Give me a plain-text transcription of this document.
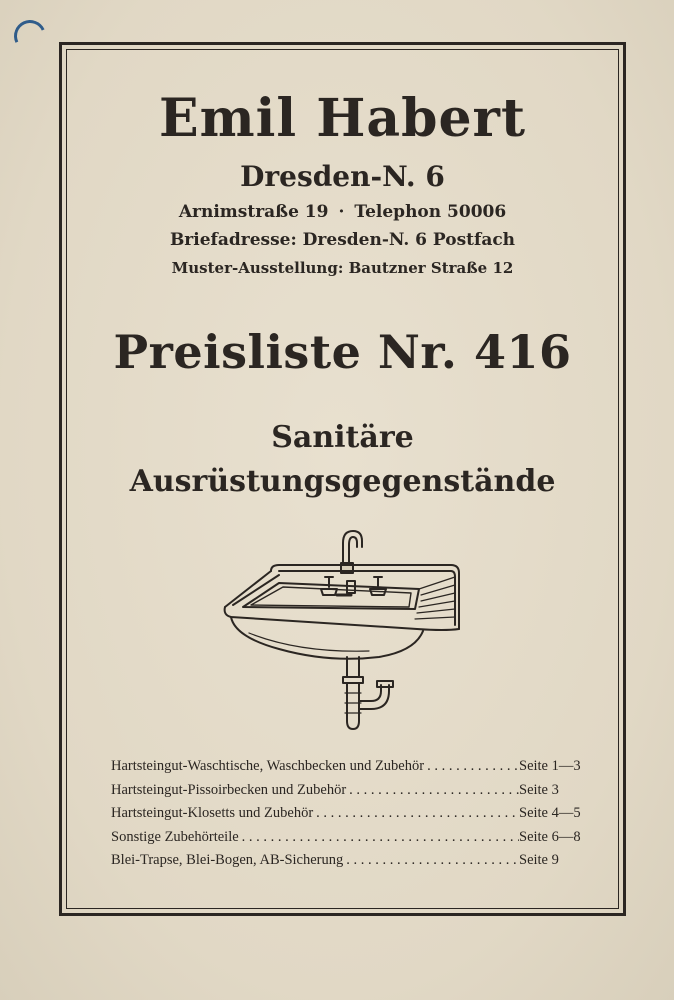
Emil Habert
Dresden-N. 6
Arnimstraße 19 · Telephon 50006
Briefadresse: Dresden-N. 6 Postfach
Muster-Ausstellung: Bautzner Straße 12
Preisliste Nr. 416
Sanitäre
Ausrüstungsgegenstände
Hartsteingut-Waschtische, Waschbecken und Zubehör . . .	Seite 1—3
Hartsteingut-Pissoirbecken und Zubehör . . .	Seite 3
Hartsteingut-Klosetts und Zubehör . . .	Seite 4—5
Sonstige Zubehörteile . . .	Seite 6—8
Blei-Trapse, Blei-Bogen, AB-Sicherung . . .	Seite 9
